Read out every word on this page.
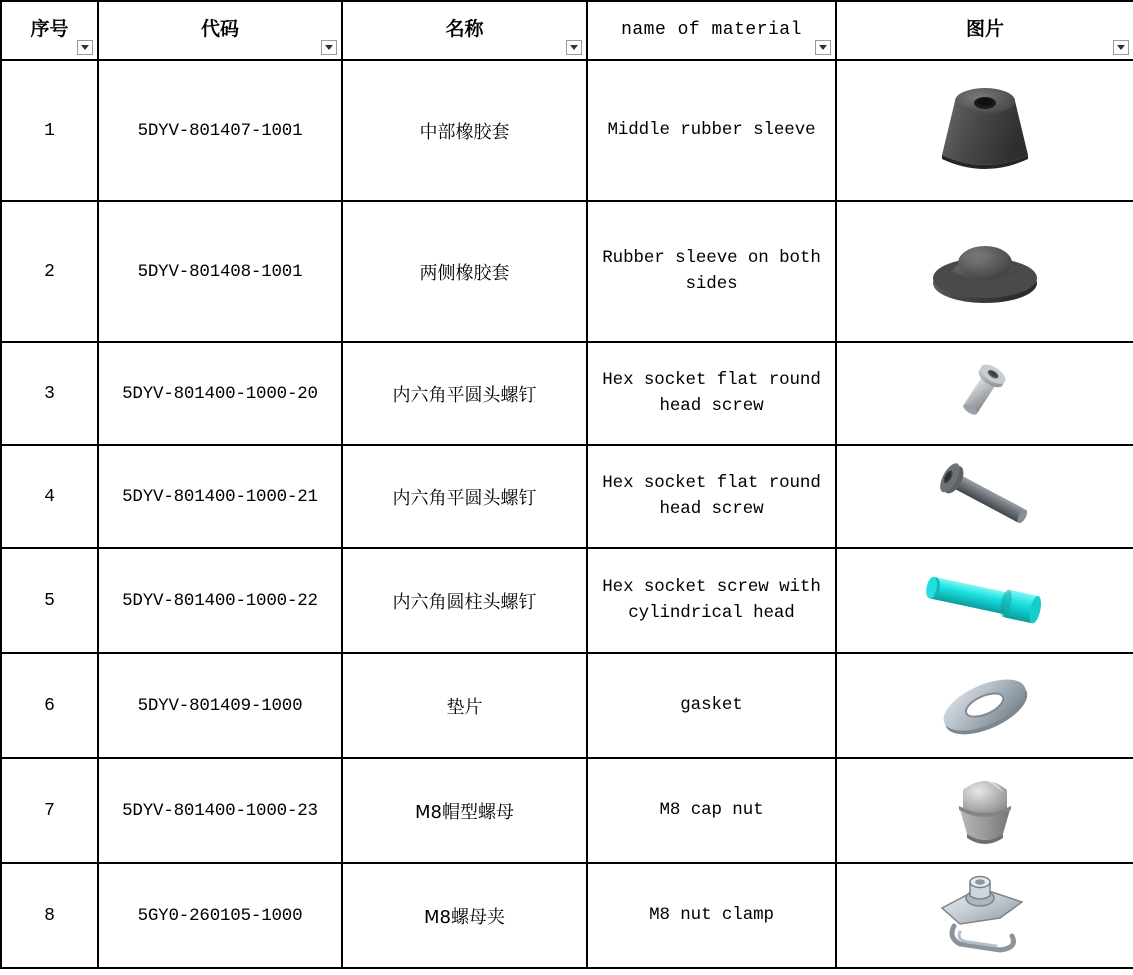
序号	代码	名称	name of material	图片

1	5DYV-801407-1001	中部橡胶套	Middle rubber sleeve	

2	5DYV-801408-1001	两侧橡胶套	Rubber sleeve on both sides	

3	5DYV-801400-1000-20	内六角平圆头螺钉	Hex socket flat round head screw	

4	5DYV-801400-1000-21	内六角平圆头螺钉	Hex socket flat round head screw	

5	5DYV-801400-1000-22	内六角圆柱头螺钉	Hex socket screw with cylindrical head	

6	5DYV-801409-1000	垫片	gasket	

7	5DYV-801400-1000-23	M8帽型螺母	M8 cap nut	

8	5GY0-260105-1000	M8螺母夹	M8 nut clamp	
